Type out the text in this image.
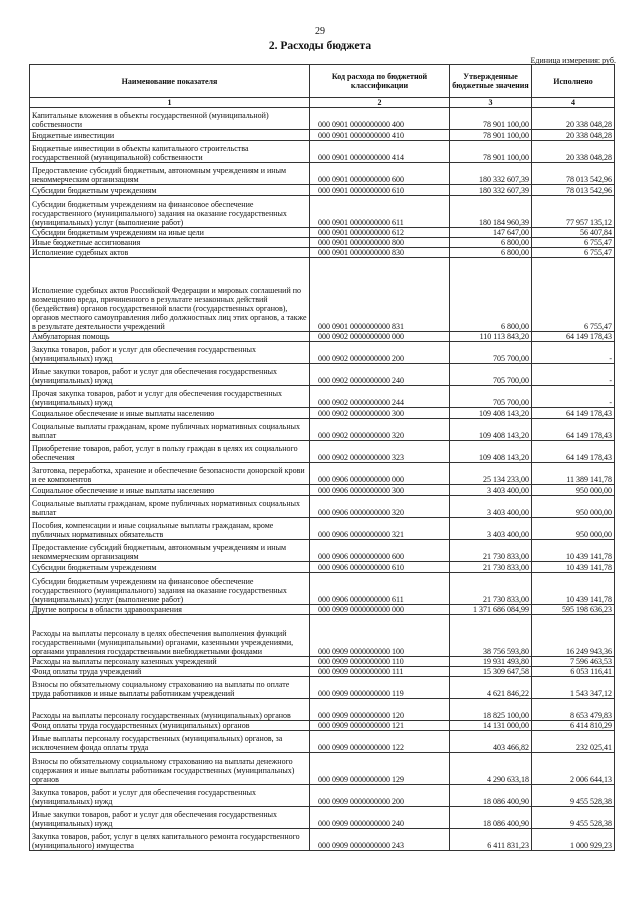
29
2. Расходы бюджета
Единица измерения: руб.
Наименование показателя	Код расхода по бюджетной классификации	Утвержденные бюджетные значения	Исполнено
1	2	3	4
Капитальные вложения в объекты государственной (муниципальной) собственности	000 0901 0000000000 400	78 901 100,00	20 338 048,28
Бюджетные инвестиции	000 0901 0000000000 410	78 901 100,00	20 338 048,28
Бюджетные инвестиции в объекты капитального строительства государственной (муниципальной) собственности	000 0901 0000000000 414	78 901 100,00	20 338 048,28
Предоставление субсидий бюджетным, автономным учреждениям и иным некоммерческим организациям	000 0901 0000000000 600	180 332 607,39	78 013 542,96
Субсидии бюджетным учреждениям	000 0901 0000000000 610	180 332 607,39	78 013 542,96
Субсидии бюджетным учреждениям на финансовое обеспечение государственного (муниципального) задания на оказание государственных (муниципальных) услуг (выполнение работ)	000 0901 0000000000 611	180 184 960,39	77 957 135,12
Субсидии бюджетным учреждениям на иные цели	000 0901 0000000000 612	147 647,00	56 407,84
Иные бюджетные ассигнования	000 0901 0000000000 800	6 800,00	6 755,47
Исполнение судебных актов	000 0901 0000000000 830	6 800,00	6 755,47
Исполнение судебных актов Российской Федерации и мировых соглашений по возмещению вреда, причиненного в результате незаконных действий (бездействия) органов государственной власти (государственных органов), органов местного самоуправления либо должностных лиц этих органов, а также в результате деятельности учреждений	000 0901 0000000000 831	6 800,00	6 755,47
Амбулаторная помощь	000 0902 0000000000 000	110 113 843,20	64 149 178,43
Закупка товаров, работ и услуг для обеспечения государственных (муниципальных) нужд	000 0902 0000000000 200	705 700,00	-
Иные закупки товаров, работ и услуг для обеспечения государственных (муниципальных) нужд	000 0902 0000000000 240	705 700,00	-
Прочая закупка товаров, работ и услуг для обеспечения государственных (муниципальных) нужд	000 0902 0000000000 244	705 700,00	-
Социальное обеспечение и иные выплаты населению	000 0902 0000000000 300	109 408 143,20	64 149 178,43
Социальные выплаты гражданам, кроме публичных нормативных социальных выплат	000 0902 0000000000 320	109 408 143,20	64 149 178,43
Приобретение товаров, работ, услуг в пользу граждан в целях их социального обеспечения	000 0902 0000000000 323	109 408 143,20	64 149 178,43
Заготовка, переработка, хранение и обеспечение безопасности донорской крови и ее компонентов	000 0906 0000000000 000	25 134 233,00	11 389 141,78
Социальное обеспечение и иные выплаты населению	000 0906 0000000000 300	3 403 400,00	950 000,00
Социальные выплаты гражданам, кроме публичных нормативных социальных выплат	000 0906 0000000000 320	3 403 400,00	950 000,00
Пособия, компенсации и иные социальные выплаты гражданам, кроме публичных нормативных обязательств	000 0906 0000000000 321	3 403 400,00	950 000,00
Предоставление субсидий бюджетным, автономным учреждениям и иным некоммерческим организациям	000 0906 0000000000 600	21 730 833,00	10 439 141,78
Субсидии бюджетным учреждениям	000 0906 0000000000 610	21 730 833,00	10 439 141,78
Субсидии бюджетным учреждениям на финансовое обеспечение государственного (муниципального) задания на оказание государственных (муниципальных) услуг (выполнение работ)	000 0906 0000000000 611	21 730 833,00	10 439 141,78
Другие вопросы в области здравоохранения	000 0909 0000000000 000	1 371 686 084,99	595 198 636,23
Расходы на выплаты персоналу в целях обеспечения выполнения функций государственными (муниципальными) органами, казенными учреждениями, органами управления государственными внебюджетными фондами	000 0909 0000000000 100	38 756 593,80	16 249 943,36
Расходы на выплаты персоналу казенных учреждений	000 0909 0000000000 110	19 931 493,80	7 596 463,53
Фонд оплаты труда учреждений	000 0909 0000000000 111	15 309 647,58	6 053 116,41
Взносы по обязательному социальному страхованию на выплаты по оплате труда работников и иные выплаты работникам учреждений	000 0909 0000000000 119	4 621 846,22	1 543 347,12
Расходы на выплаты персоналу государственных (муниципальных) органов	000 0909 0000000000 120	18 825 100,00	8 653 479,83
Фонд оплаты труда государственных (муниципальных) органов	000 0909 0000000000 121	14 131 000,00	6 414 810,29
Иные выплаты персоналу государственных (муниципальных) органов, за исключением фонда оплаты труда	000 0909 0000000000 122	403 466,82	232 025,41
Взносы по обязательному социальному страхованию на выплаты денежного содержания и иные выплаты работникам государственных (муниципальных) органов	000 0909 0000000000 129	4 290 633,18	2 006 644,13
Закупка товаров, работ и услуг для обеспечения государственных (муниципальных) нужд	000 0909 0000000000 200	18 086 400,90	9 455 528,38
Иные закупки товаров, работ и услуг для обеспечения государственных (муниципальных) нужд	000 0909 0000000000 240	18 086 400,90	9 455 528,38
Закупка товаров, работ, услуг в целях капитального ремонта государственного (муниципального) имущества	000 0909 0000000000 243	6 411 831,23	1 000 929,23
